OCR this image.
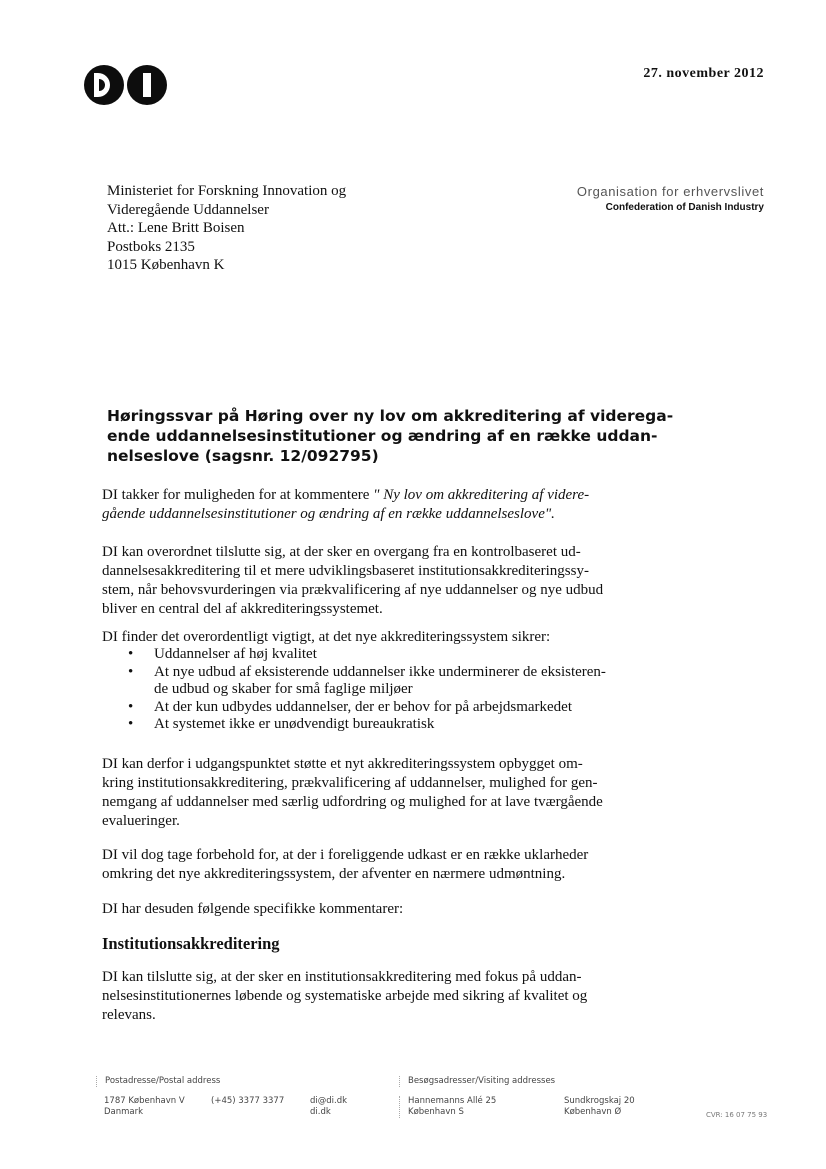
27. november 2012
Ministeriet for Forskning Innovation og
Videregående Uddannelser
Att.: Lene Britt Boisen
Postboks 2135
1015 København K
Organisation for erhvervslivet
Confederation of Danish Industry
Høringssvar på Høring over ny lov om akkreditering af viderega-
ende uddannelsesinstitutioner og ændring af en række uddan-
nelseslove (sagsnr. 12/092795)
DI takker for muligheden for at kommentere " Ny lov om akkreditering af videre-
gående uddannelsesinstitutioner og ændring af en række uddannelseslove".
DI kan overordnet tilslutte sig, at der sker en overgang fra en kontrolbaseret ud-
dannelsesakkreditering til et mere udviklingsbaseret institutionsakkrediteringssy-
stem, når behovsvurderingen via prækvalificering af nye uddannelser og nye udbud
bliver en central del af akkrediteringssystemet.
DI finder det overordentligt vigtigt, at det nye akkrediteringssystem sikrer:
•	Uddannelser af høj kvalitet
•	At nye udbud af eksisterende uddannelser ikke underminerer de eksisteren-
de udbud og skaber for små faglige miljøer
•	At der kun udbydes uddannelser, der er behov for på arbejdsmarkedet
•	At systemet ikke er unødvendigt bureaukratisk
DI kan derfor i udgangspunktet støtte et nyt akkrediteringssystem opbygget om-
kring institutionsakkreditering, prækvalificering af uddannelser, mulighed for gen-
nemgang af uddannelser med særlig udfordring og mulighed for at lave tværgående
evalueringer.
DI vil dog tage forbehold for, at der i foreliggende udkast er en række uklarheder
omkring det nye akkrediteringssystem, der afventer en nærmere udmøntning.
DI har desuden følgende specifikke kommentarer:
Institutionsakkreditering
DI kan tilslutte sig, at der sker en institutionsakkreditering med fokus på uddan-
nelsesinstitutionernes løbende og systematiske arbejde med sikring af kvalitet og
relevans.
Postadresse/Postal address
1787 København V
Danmark
(+45) 3377 3377	di@di.dk
di.dk
Besøgsadresser/Visiting addresses
Hannemanns Allé 25
København S
Sundkrogskaj 20
København Ø	CVR: 16 07 75 93
